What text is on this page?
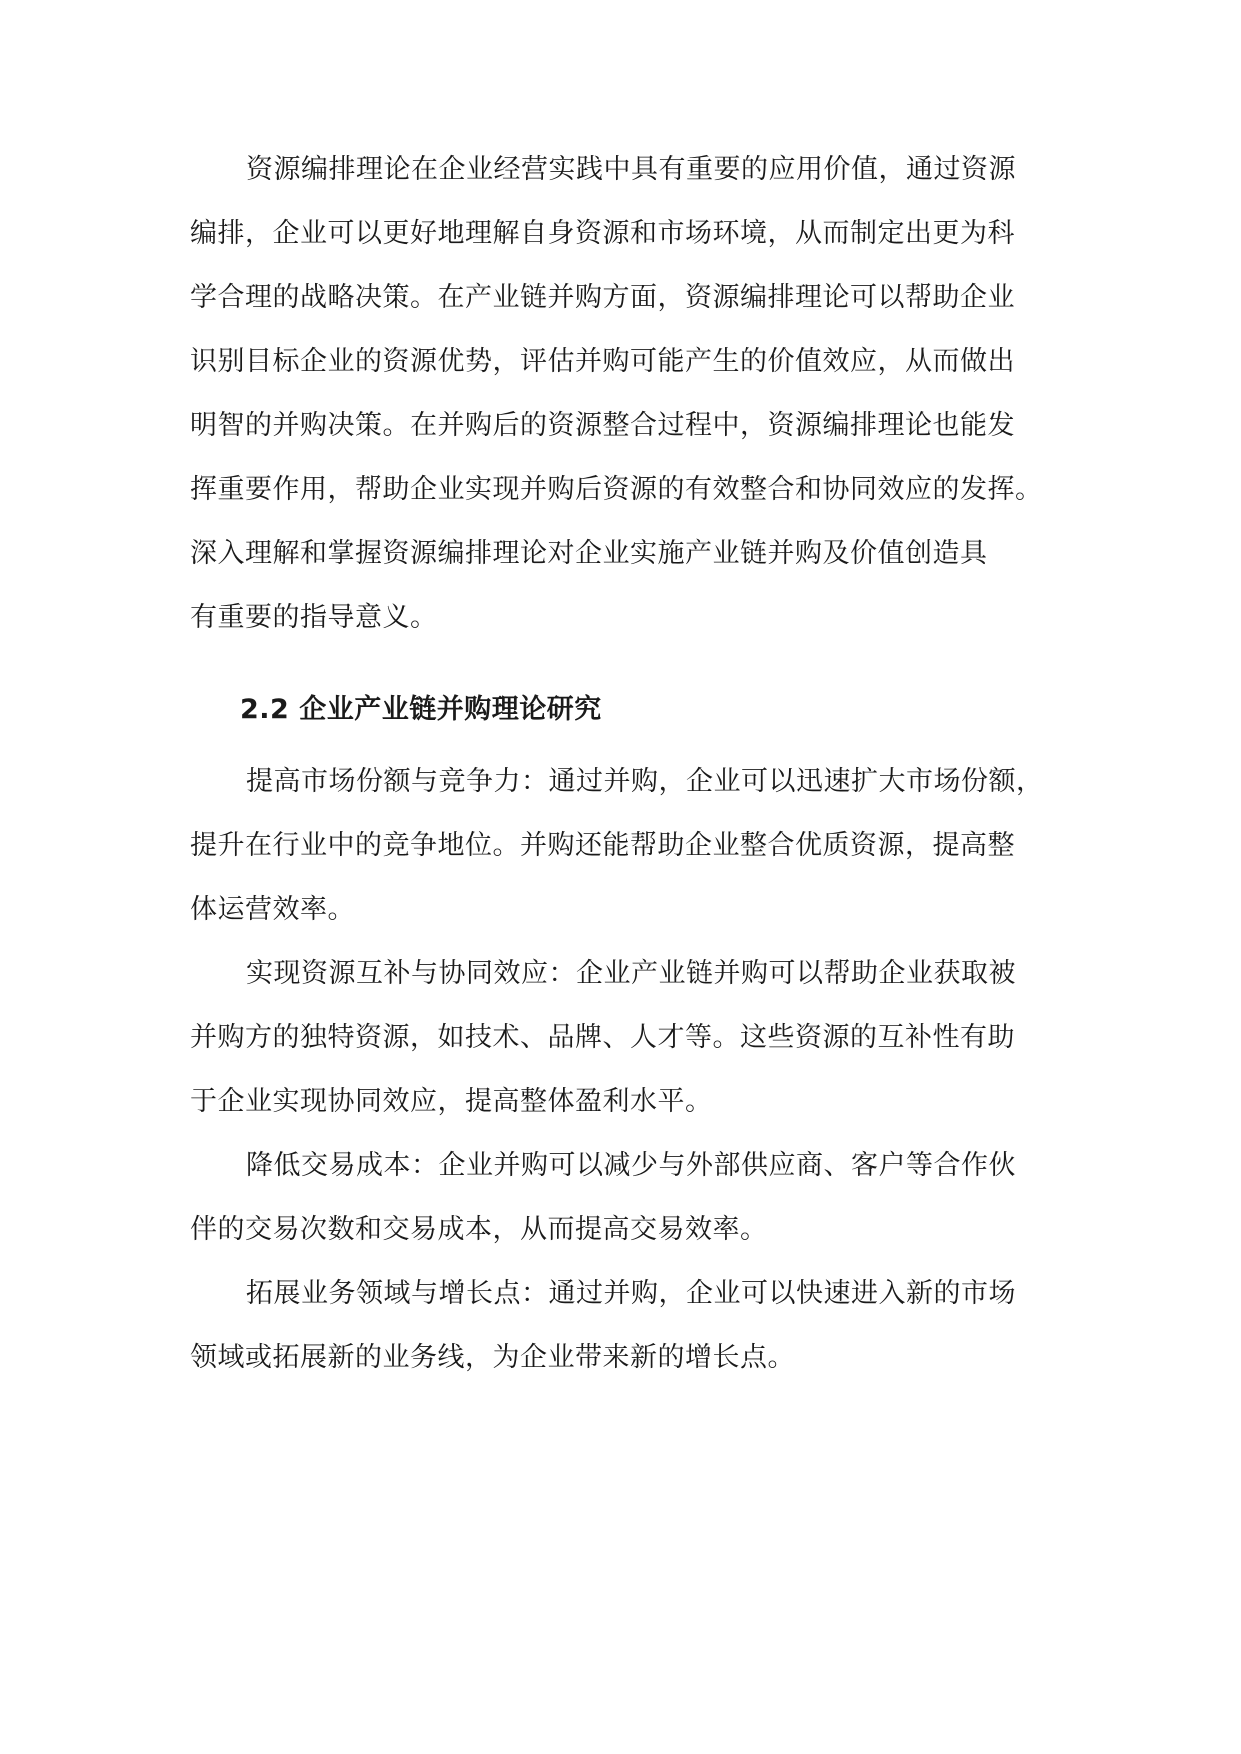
资源编排理论在企业经营实践中具有重要的应用价值，通过资源
编排，企业可以更好地理解自身资源和市场环境，从而制定出更为科
学合理的战略决策。在产业链并购方面，资源编排理论可以帮助企业
识别目标企业的资源优势，评估并购可能产生的价值效应，从而做出
明智的并购决策。在并购后的资源整合过程中，资源编排理论也能发
挥重要作用，帮助企业实现并购后资源的有效整合和协同效应的发挥。
深入理解和掌握资源编排理论对企业实施产业链并购及价值创造具
有重要的指导意义。
2.2 企业产业链并购理论研究
提高市场份额与竞争力：通过并购，企业可以迅速扩大市场份额，
提升在行业中的竞争地位。并购还能帮助企业整合优质资源，提高整
体运营效率。
实现资源互补与协同效应：企业产业链并购可以帮助企业获取被
并购方的独特资源，如技术、品牌、人才等。这些资源的互补性有助
于企业实现协同效应，提高整体盈利水平。
降低交易成本：企业并购可以减少与外部供应商、客户等合作伙
伴的交易次数和交易成本，从而提高交易效率。
拓展业务领域与增长点：通过并购，企业可以快速进入新的市场
领域或拓展新的业务线，为企业带来新的增长点。
